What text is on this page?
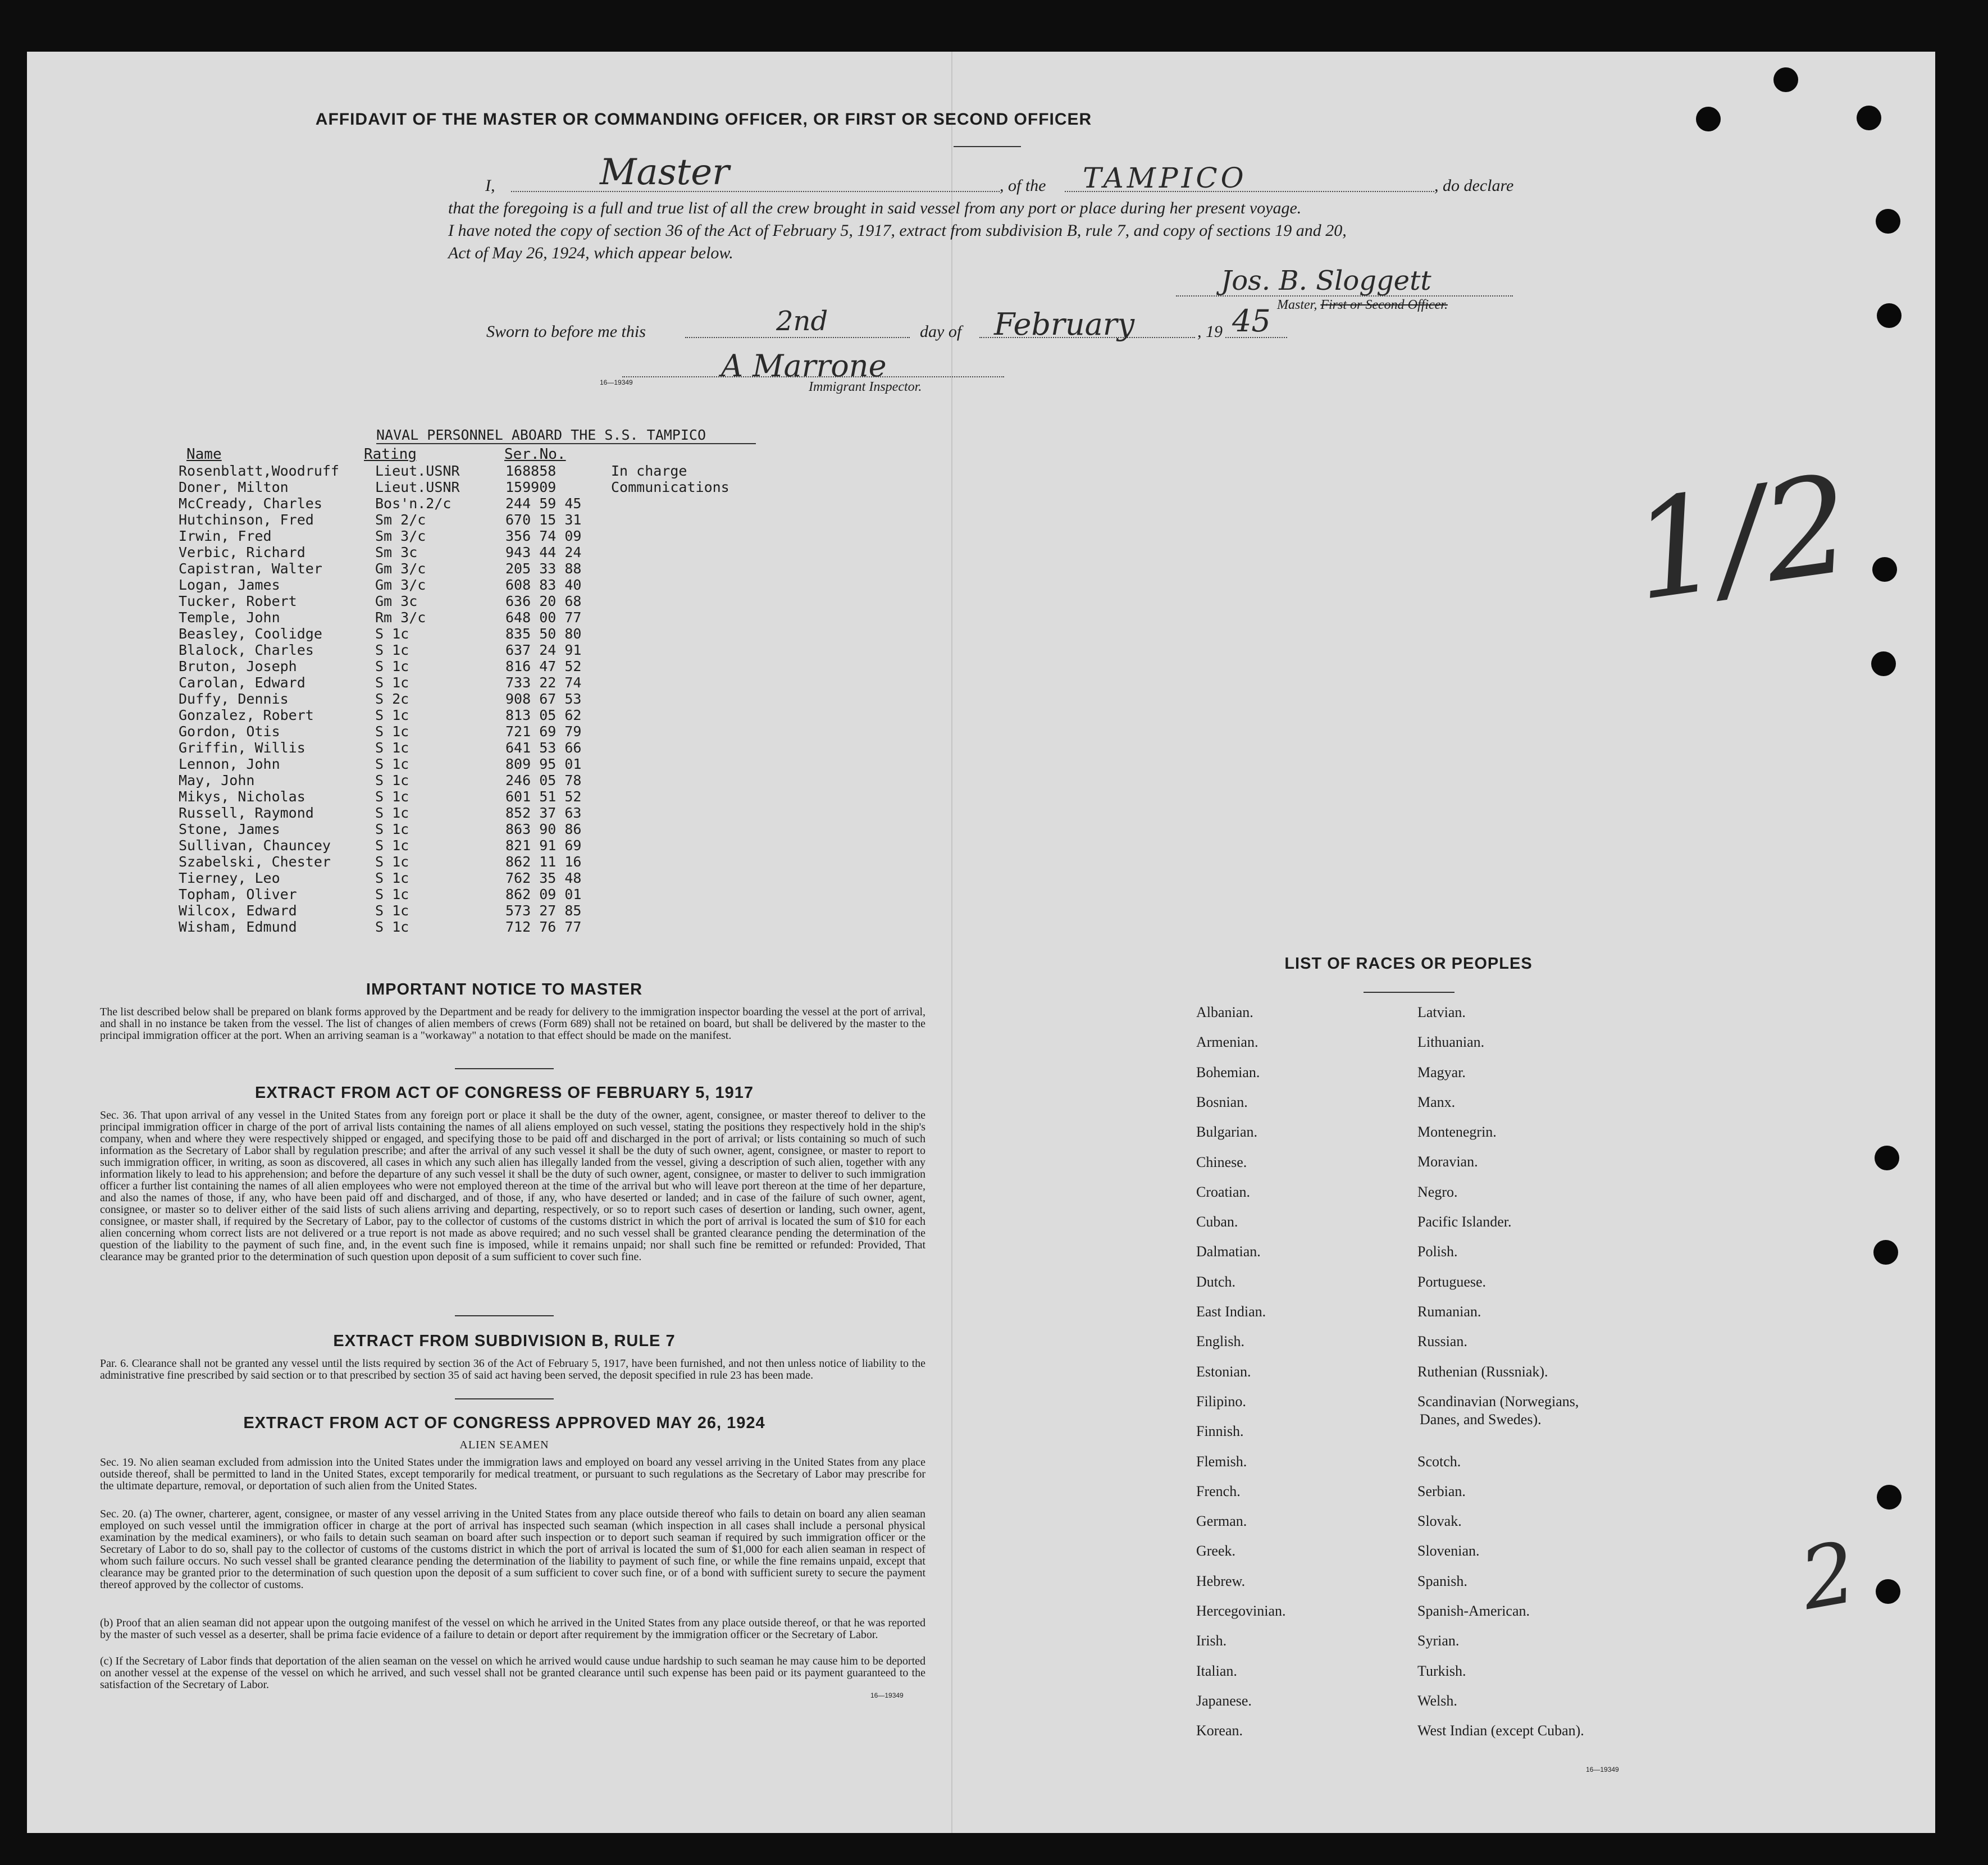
AFFIDAVIT OF THE MASTER OR COMMANDING OFFICER, OR FIRST OR SECOND OFFICER
I,	Master	, of the TAMPICO	, do declare
that the foregoing is a full and true list of all the crew brought in said vessel from any port or place during her present voyage.
I have noted the copy of section 36 of the Act of February 5, 1917, extract from subdivision B, rule 7, and copy of sections 19 and 20,
Act of May 26, 1924, which appear below.
Jos. B. Sloggett
Master, First or Second Officer.
Sworn to before me this	2nd	day of February	, 19 45
16—19349	A Marrone
Immigrant Inspector.
NAVAL PERSONNEL ABOARD THE S.S. TAMPICO
Name	Rating	Ser.No.
Rosenblatt,Woodruff	Lieut.USNR	168858	In charge
Doner, Milton	Lieut.USNR	159909	Communications
McCready, Charles	Bos'n.2/c	244 59 45
Hutchinson, Fred	Sm 2/c	670 15 31
Irwin, Fred	Sm 3/c	356 74 09
Verbic, Richard	Sm 3c	943 44 24
Capistran, Walter	Gm 3/c	205 33 88
Logan, James	Gm 3/c	608 83 40
Tucker, Robert	Gm 3c	636 20 68
Temple, John	Rm 3/c	648 00 77
Beasley, Coolidge	S 1c	835 50 80
Blalock, Charles	S 1c	637 24 91
Bruton, Joseph	S 1c	816 47 52
Carolan, Edward	S 1c	733 22 74
Duffy, Dennis	S 2c	908 67 53
Gonzalez, Robert	S 1c	813 05 62
Gordon, Otis	S 1c	721 69 79
Griffin, Willis	S 1c	641 53 66
Lennon, John	S 1c	809 95 01
May, John	S 1c	246 05 78
Mikys, Nicholas	S 1c	601 51 52
Russell, Raymond	S 1c	852 37 63
Stone, James	S 1c	863 90 86
Sullivan, Chauncey	S 1c	821 91 69
Szabelski, Chester	S 1c	862 11 16
Tierney, Leo	S 1c	762 35 48
Topham, Oliver	S 1c	862 09 01
Wilcox, Edward	S 1c	573 27 85
Wisham, Edmund	S 1c	712 76 77
1/2
2
IMPORTANT NOTICE TO MASTER
The list described below shall be prepared on blank forms approved by the Department and be ready for delivery to the immigration inspector boarding the vessel at the port of arrival, and shall in no instance be taken from the vessel. The list of changes of alien members of crews (Form 689) shall not be retained on board, but shall be delivered by the master to the principal immigration officer at the port. When an arriving seaman is a "workaway" a notation to that effect should be made on the manifest.
EXTRACT FROM ACT OF CONGRESS OF FEBRUARY 5, 1917
Sec. 36. That upon arrival of any vessel in the United States from any foreign port or place it shall be the duty of the owner, agent, consignee, or master thereof to deliver to the principal immigration officer in charge of the port of arrival lists containing the names of all aliens employed on such vessel, stating the positions they respectively hold in the ship's company, when and where they were respectively shipped or engaged, and specifying those to be paid off and discharged in the port of arrival; or lists containing so much of such information as the Secretary of Labor shall by regulation prescribe; and after the arrival of any such vessel it shall be the duty of such owner, agent, consignee, or master to report to such immigration officer, in writing, as soon as discovered, all cases in which any such alien has illegally landed from the vessel, giving a description of such alien, together with any information likely to lead to his apprehension; and before the departure of any such vessel it shall be the duty of such owner, agent, consignee, or master to deliver to such immigration officer a further list containing the names of all alien employees who were not employed thereon at the time of the arrival but who will leave port thereon at the time of her departure, and also the names of those, if any, who have been paid off and discharged, and of those, if any, who have deserted or landed; and in case of the failure of such owner, agent, consignee, or master so to deliver either of the said lists of such aliens arriving and departing, respectively, or so to report such cases of desertion or landing, such owner, agent, consignee, or master shall, if required by the Secretary of Labor, pay to the collector of customs of the customs district in which the port of arrival is located the sum of $10 for each alien concerning whom correct lists are not delivered or a true report is not made as above required; and no such vessel shall be granted clearance pending the determination of the question of the liability to the payment of such fine, and, in the event such fine is imposed, while it remains unpaid; nor shall such fine be remitted or refunded: Provided, That clearance may be granted prior to the determination of such question upon deposit of a sum sufficient to cover such fine.
EXTRACT FROM SUBDIVISION B, RULE 7
Par. 6. Clearance shall not be granted any vessel until the lists required by section 36 of the Act of February 5, 1917, have been furnished, and not then unless notice of liability to the administrative fine prescribed by said section or to that prescribed by section 35 of said act having been served, the deposit specified in rule 23 has been made.
EXTRACT FROM ACT OF CONGRESS APPROVED MAY 26, 1924
ALIEN SEAMEN
Sec. 19. No alien seaman excluded from admission into the United States under the immigration laws and employed on board any vessel arriving in the United States from any place outside thereof, shall be permitted to land in the United States, except temporarily for medical treatment, or pursuant to such regulations as the Secretary of Labor may prescribe for the ultimate departure, removal, or deportation of such alien from the United States.
Sec. 20. (a) The owner, charterer, agent, consignee, or master of any vessel arriving in the United States from any place outside thereof who fails to detain on board any alien seaman employed on such vessel until the immigration officer in charge at the port of arrival has inspected such seaman (which inspection in all cases shall include a personal physical examination by the medical examiners), or who fails to detain such seaman on board after such inspection or to deport such seaman if required by such immigration officer or the Secretary of Labor to do so, shall pay to the collector of customs of the customs district in which the port of arrival is located the sum of $1,000 for each alien seaman in respect of whom such failure occurs. No such vessel shall be granted clearance pending the determination of the liability to payment of such fine, or while the fine remains unpaid, except that clearance may be granted prior to the determination of such question upon the deposit of a sum sufficient to cover such fine, or of a bond with sufficient surety to secure the payment thereof approved by the collector of customs.
(b) Proof that an alien seaman did not appear upon the outgoing manifest of the vessel on which he arrived in the United States from any place outside thereof, or that he was reported by the master of such vessel as a deserter, shall be prima facie evidence of a failure to detain or deport after requirement by the immigration officer or the Secretary of Labor.
(c) If the Secretary of Labor finds that deportation of the alien seaman on the vessel on which he arrived would cause undue hardship to such seaman he may cause him to be deported on another vessel at the expense of the vessel on which he arrived, and such vessel shall not be granted clearance until such expense has been paid or its payment guaranteed to the satisfaction of the Secretary of Labor.
16—19349
LIST OF RACES OR PEOPLES
16—19349
Albanian.
Armenian.
Bohemian.
Bosnian.
Bulgarian.
Chinese.
Croatian.
Cuban.
Dalmatian.
Dutch.
East Indian.
English.
Estonian.
Filipino.
Finnish.
Flemish.
French.
German.
Greek.
Hebrew.
Hercegovinian.
Irish.
Italian.
Japanese.
Korean.
Latvian.
Lithuanian.
Magyar.
Manx.
Montenegrin.
Moravian.
Negro.
Pacific Islander.
Polish.
Portuguese.
Rumanian.
Russian.
Ruthenian (Russniak).
Scandinavian (Norwegians,
Danes, and Swedes).
Scotch.
Serbian.
Slovak.
Slovenian.
Spanish.
Spanish-American.
Syrian.
Turkish.
Welsh.
West Indian (except Cuban).
